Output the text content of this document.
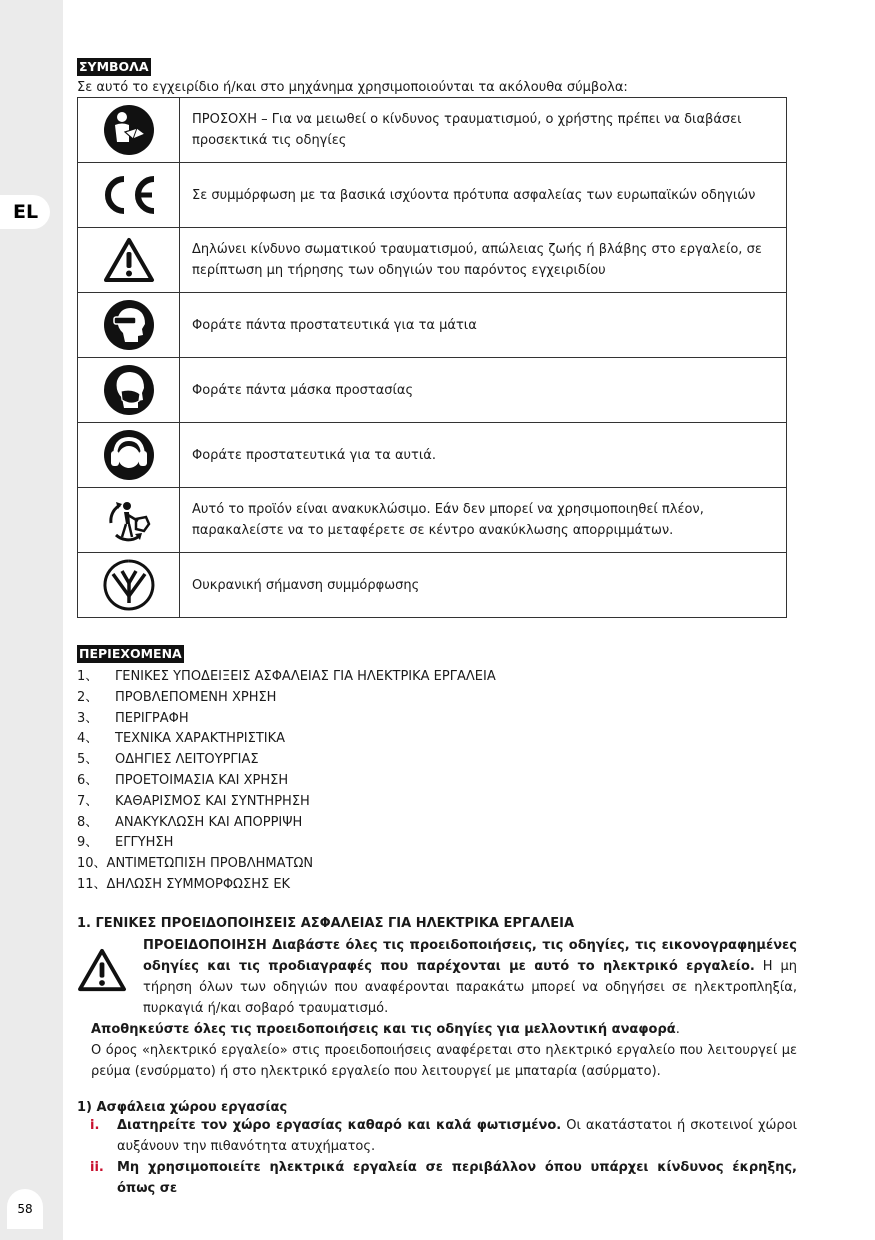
EL
58
ΣΥΜΒΟΛΑ
Σε αυτό το εγχειρίδιο ή/και στο μηχάνημα χρησιμοποιούνται τα ακόλουθα σύμβολα:
	ΠΡΟΣΟΧΗ – Για να μειωθεί ο κίνδυνος τραυματισμού, ο χρήστης πρέπει να διαβάσει προσεκτικά τις οδηγίες

	Σε συμμόρφωση με τα βασικά ισχύοντα πρότυπα ασφαλείας των ευρωπαϊκών οδηγιών

	Δηλώνει κίνδυνο σωματικού τραυματισμού, απώλειας ζωής ή βλάβης στο εργαλείο, σε περίπτωση μη τήρησης των οδηγιών του παρόντος εγχειριδίου

	Φοράτε πάντα προστατευτικά για τα μάτια

	Φοράτε πάντα μάσκα προστασίας

	Φοράτε προστατευτικά για τα αυτιά.

	Αυτό το προϊόν είναι ανακυκλώσιμο. Εάν δεν μπορεί να χρησιμοποιηθεί πλέον, παρακαλείστε να το μεταφέρετε σε κέντρο ανακύκλωσης απορριμμάτων.

	Ουκρανική σήμανση συμμόρφωσης
ΠΕΡΙΕΧΟΜΕΝΑ
1、	ΓΕΝΙΚΕΣ ΥΠΟΔΕΙΞΕΙΣ ΑΣΦΑΛΕΙΑΣ ΓΙΑ ΗΛΕΚΤΡΙΚΑ ΕΡΓΑΛΕΙΑ
2、	ΠΡΟΒΛΕΠΟΜΕΝΗ ΧΡΗΣΗ
3、	ΠΕΡΙΓΡΑΦΗ
4、	ΤΕΧΝΙΚΑ ΧΑΡΑΚΤΗΡΙΣΤΙΚΑ
5、	ΟΔΗΓΙΕΣ ΛΕΙΤΟΥΡΓΙΑΣ
6、	ΠΡΟΕΤΟΙΜΑΣΙΑ ΚΑΙ ΧΡΗΣΗ
7、	ΚΑΘΑΡΙΣΜΟΣ ΚΑΙ ΣΥΝΤΗΡΗΣΗ
8、	ΑΝΑΚΥΚΛΩΣΗ ΚΑΙ ΑΠΟΡΡΙΨΗ
9、	ΕΓΓΥΗΣΗ
10、 ΑΝΤΙΜΕΤΩΠΙΣΗ ΠΡΟΒΛΗΜΑΤΩΝ
11、 ΔΗΛΩΣΗ ΣΥΜΜΟΡΦΩΣΗΣ ΕΚ
1. ΓΕΝΙΚΕΣ ΠΡΟΕΙΔΟΠΟΙΗΣΕΙΣ ΑΣΦΑΛΕΙΑΣ ΓΙΑ ΗΛΕΚΤΡΙΚΑ ΕΡΓΑΛΕΙΑ
ΠΡΟΕΙΔΟΠΟΙΗΣΗ Διαβάστε όλες τις προειδοποιήσεις, τις οδηγίες, τις εικονογραφημένες οδηγίες και τις προδιαγραφές που παρέχονται με αυτό το ηλεκτρικό εργαλείο. Η μη τήρηση όλων των οδηγιών που αναφέρονται παρακάτω μπορεί να οδηγήσει σε ηλεκτροπληξία, πυρκαγιά ή/και σοβαρό τραυματισμό.
Αποθηκεύστε όλες τις προειδοποιήσεις και τις οδηγίες για μελλοντική αναφορά.
Ο όρος «ηλεκτρικό εργαλείο» στις προειδοποιήσεις αναφέρεται στο ηλεκτρικό εργαλείο που λειτουργεί με ρεύμα (ενσύρματο) ή στο ηλεκτρικό εργαλείο που λειτουργεί με μπαταρία (ασύρματο).
1) Ασφάλεια χώρου εργασίας
i.	Διατηρείτε τον χώρο εργασίας καθαρό και καλά φωτισμένο. Οι ακατάστατοι ή σκοτεινοί χώροι αυξάνουν την πιθανότητα ατυχήματος.
ii.	Μη χρησιμοποιείτε ηλεκτρικά εργαλεία σε περιβάλλον όπου υπάρχει κίνδυνος έκρηξης, όπως σε
